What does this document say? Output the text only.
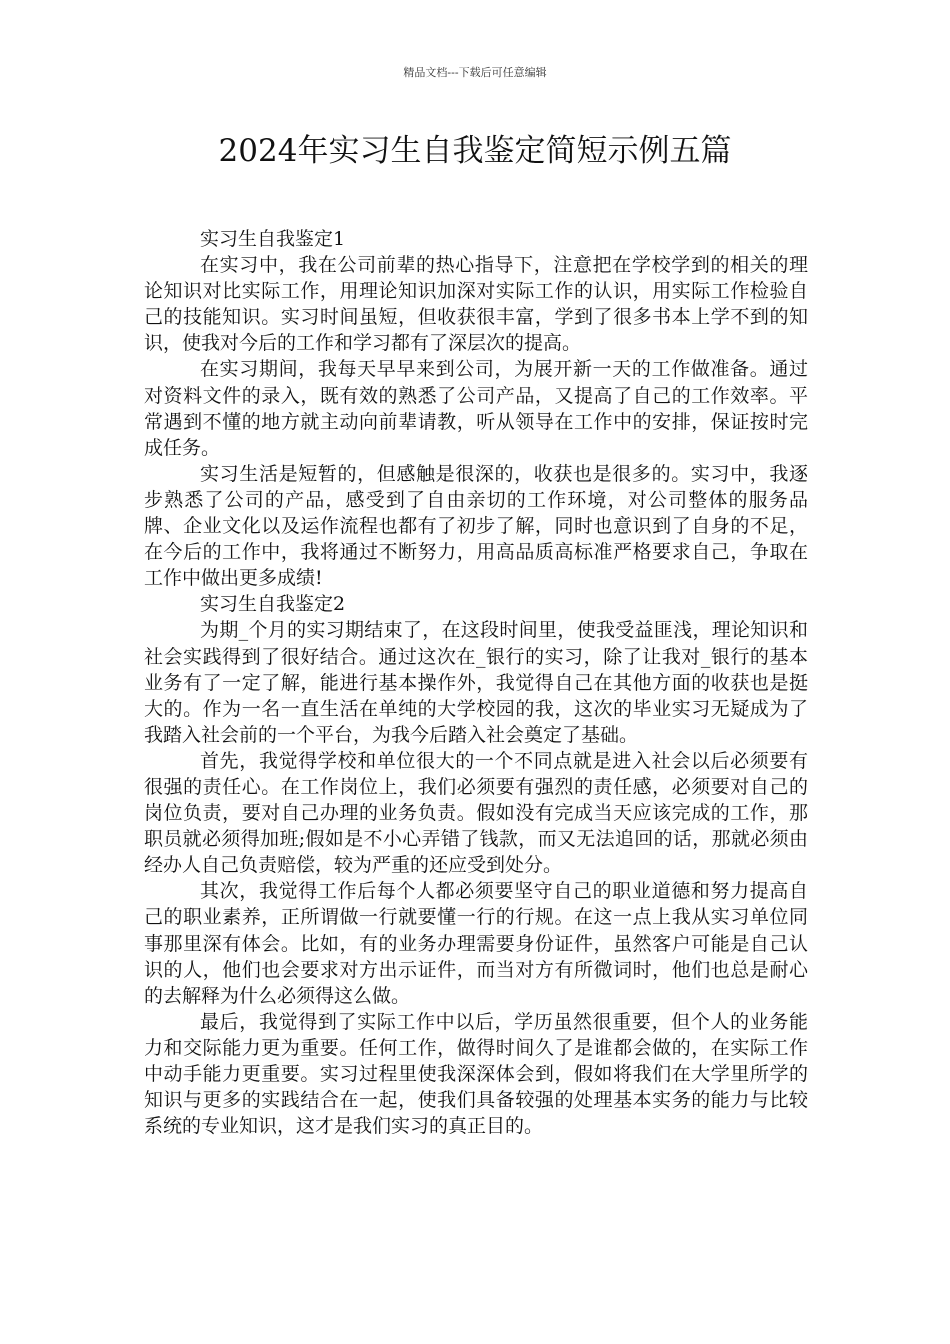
精品文档---下载后可任意编辑
2024年实习生自我鉴定简短示例五篇

实习生自我鉴定1

在实习中，我在公司前辈的热心指导下，注意把在学校学到的相关的理论知识对比实际工作，用理论知识加深对实际工作的认识，用实际工作检验自己的技能知识。实习时间虽短，但收获很丰富，学到了很多书本上学不到的知识，使我对今后的工作和学习都有了深层次的提高。

在实习期间，我每天早早来到公司，为展开新一天的工作做准备。通过对资料文件的录入，既有效的熟悉了公司产品，又提高了自己的工作效率。平常遇到不懂的地方就主动向前辈请教，听从领导在工作中的安排，保证按时完成任务。

实习生活是短暂的，但感触是很深的，收获也是很多的。实习中，我逐步熟悉了公司的产品，感受到了自由亲切的工作环境，对公司整体的服务品牌、企业文化以及运作流程也都有了初步了解，同时也意识到了自身的不足，在今后的工作中，我将通过不断努力，用高品质高标准严格要求自己，争取在工作中做出更多成绩!

实习生自我鉴定2

为期_个月的实习期结束了，在这段时间里，使我受益匪浅，理论知识和社会实践得到了很好结合。通过这次在_银行的实习，除了让我对_银行的基本业务有了一定了解，能进行基本操作外，我觉得自己在其他方面的收获也是挺大的。作为一名一直生活在单纯的大学校园的我，这次的毕业实习无疑成为了我踏入社会前的一个平台，为我今后踏入社会奠定了基础。

首先，我觉得学校和单位很大的一个不同点就是进入社会以后必须要有很强的责任心。在工作岗位上，我们必须要有强烈的责任感，必须要对自己的岗位负责，要对自己办理的业务负责。假如没有完成当天应该完成的工作，那职员就必须得加班;假如是不小心弄错了钱款，而又无法追回的话，那就必须由经办人自己负责赔偿，较为严重的还应受到处分。

其次，我觉得工作后每个人都必须要坚守自己的职业道德和努力提高自己的职业素养，正所谓做一行就要懂一行的行规。在这一点上我从实习单位同事那里深有体会。比如，有的业务办理需要身份证件，虽然客户可能是自己认识的人，他们也会要求对方出示证件，而当对方有所微词时，他们也总是耐心的去解释为什么必须得这么做。

最后，我觉得到了实际工作中以后，学历虽然很重要，但个人的业务能力和交际能力更为重要。任何工作，做得时间久了是谁都会做的，在实际工作中动手能力更重要。实习过程里使我深深体会到，假如将我们在大学里所学的知识与更多的实践结合在一起，使我们具备较强的处理基本实务的能力与比较系统的专业知识，这才是我们实习的真正目的。
